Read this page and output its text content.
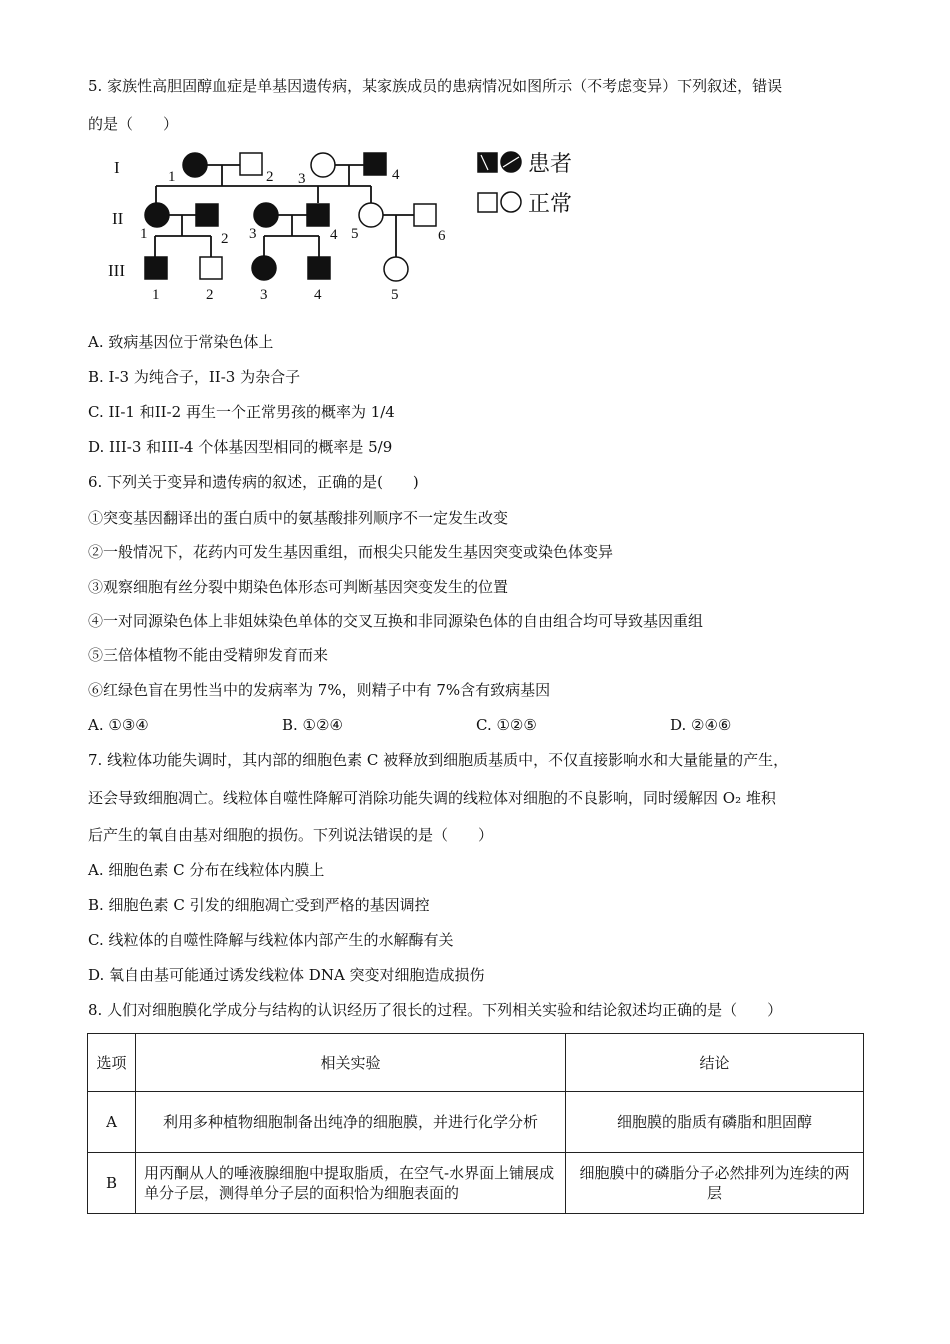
5. 家族性高胆固醇血症是单基因遗传病，某家族成员的患病情况如图所示（不考虑变异）下列叙述，错误
的是（　　）
I
II
III
1	2 3	4
1	2 3	4 5	6
1	2	3	4	5
患者
正常
A. 致病基因位于常染色体上
B. I-3 为纯合子，II-3 为杂合子
C. II-1 和II-2 再生一个正常男孩的概率为 1/4
D. III-3 和III-4 个体基因型相同的概率是 5/9
6. 下列关于变异和遗传病的叙述，正确的是(　　)
①突变基因翻译出的蛋白质中的氨基酸排列顺序不一定发生改变
②一般情况下，花药内可发生基因重组，而根尖只能发生基因突变或染色体变异
③观察细胞有丝分裂中期染色体形态可判断基因突变发生的位置
④一对同源染色体上非姐妹染色单体的交叉互换和非同源染色体的自由组合均可导致基因重组
⑤三倍体植物不能由受精卵发育而来
⑥红绿色盲在男性当中的发病率为 7%，则精子中有 7%含有致病基因
A. ①③④	B. ①②④	C. ①②⑤	D. ②④⑥
7. 线粒体功能失调时，其内部的细胞色素 C 被释放到细胞质基质中，不仅直接影响水和大量能量的产生，
还会导致细胞凋亡。线粒体自噬性降解可消除功能失调的线粒体对细胞的不良影响，同时缓解因 O₂ 堆积
后产生的氧自由基对细胞的损伤。下列说法错误的是（　　）
A. 细胞色素 C 分布在线粒体内膜上
B. 细胞色素 C 引发的细胞凋亡受到严格的基因调控
C. 线粒体的自噬性降解与线粒体内部产生的水解酶有关
D. 氧自由基可能通过诱发线粒体 DNA 突变对细胞造成损伤
8. 人们对细胞膜化学成分与结构的认识经历了很长的过程。下列相关实验和结论叙述均正确的是（　　）
选项	相关实验	结论
A	利用多种植物细胞制备出纯净的细胞膜，并进行化学分析	细胞膜的脂质有磷脂和胆固醇
B	用丙酮从人的唾液腺细胞中提取脂质，在空气-水界面上铺展成单分子层，测得单分子层的面积恰为细胞表面的	细胞膜中的磷脂分子必然排列为连续的两层
